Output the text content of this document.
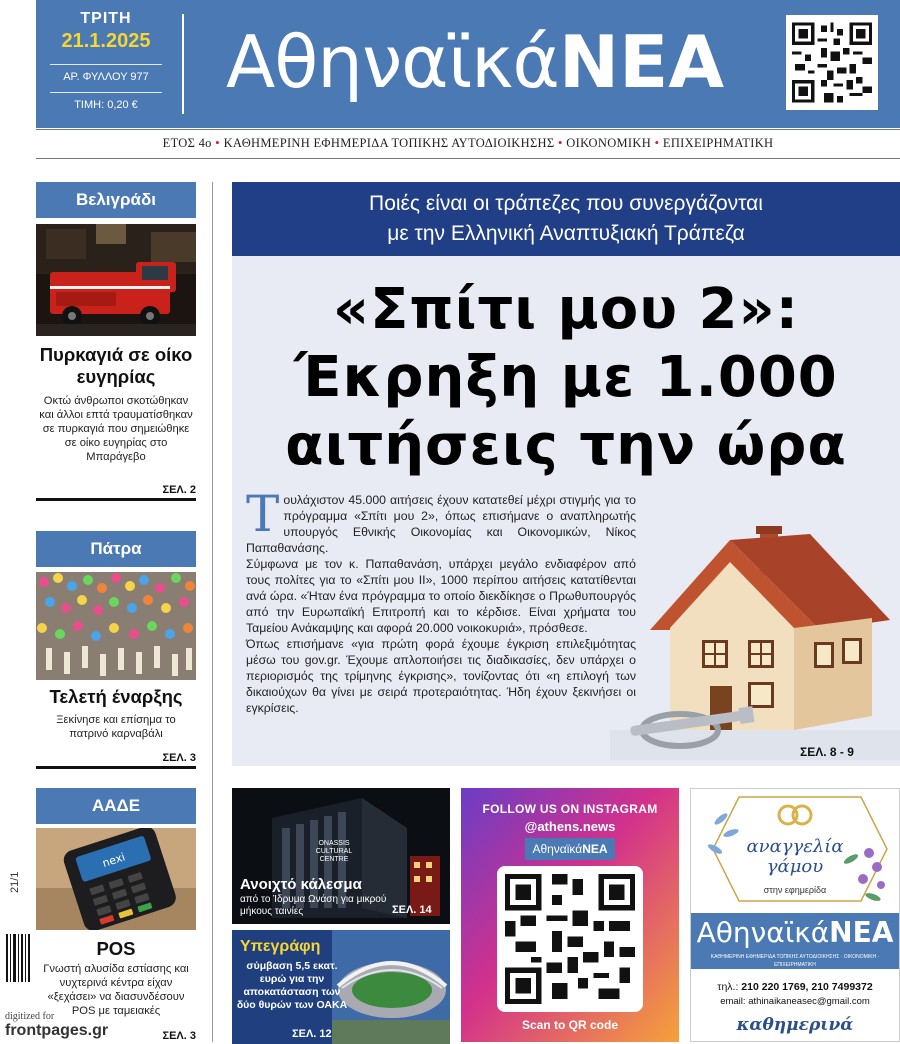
ΤΡΙΤΗ
21.1.2025
ΑΡ. ΦΥΛΛΟΥ 977
ΤΙΜΗ: 0,20 €
ΑθηναϊκάΝΕΑ
ΕΤΟΣ 4ο • ΚΑΘΗΜΕΡΙΝΗ ΕΦΗΜΕΡΙΔΑ ΤΟΠΙΚΗΣ ΑΥΤΟΔΙΟΙΚΗΣΗΣ • ΟΙΚΟΝΟΜΙΚΗ • ΕΠΙΧΕΙΡΗΜΑΤΙΚΗ
Βελιγράδι
Πυρκαγιά σε οίκο ευγηρίας
Οκτώ άνθρωποι σκοτώθηκαν και άλλοι επτά τραυματίσθηκαν σε πυρκαγιά που σημειώθηκε σε οίκο ευγηρίας στο Μπαράγεβο
ΣΕΛ. 2
Πάτρα
Τελετή έναρξης
Ξεκίνησε και επίσημα το πατρινό καρναβάλι
ΣΕΛ. 3
ΑΑΔΕ
nexi
POS
Γνωστή αλυσίδα εστίασης και νυχτερινά κέντρα είχαν «ξεχάσει» να διασυνδέσουν POS με ταμειακές
ΣΕΛ. 3
21/1
digitized for
frontpages.gr
Ποιές είναι οι τράπεζες που συνεργάζονται
με την Ελληνική Αναπτυξιακή Τράπεζα
«Σπίτι μου 2»:
Έκρηξη με 1.000
αιτήσεις την ώρα
Τ ουλάχιστον 45.000 αιτήσεις έχουν κατατεθεί μέχρι στιγμής για το πρόγραμμα «Σπίτι μου 2», όπως επισήμανε ο αναπληρωτής υπουργός Εθνικής Οικονομίας και Οικονομικών, Νίκος Παπαθανάσης.

Σύμφωνα με τον κ. Παπαθανάση, υπάρχει μεγάλο ενδιαφέρον από τους πολίτες για το «Σπίτι μου ΙΙ», 1000 περίπου αιτήσεις κατατίθενται ανά ώρα. «Ήταν ένα πρόγραμμα το οποίο διεκδίκησε ο Πρωθυπουργός από την Ευρωπαϊκή Επιτροπή και το κέρδισε. Είναι χρήματα του Ταμείου Ανάκαμψης και αφορά 20.000 νοικοκυριά», πρόσθεσε.

Όπως επισήμανε «για πρώτη φορά έχουμε έγκριση επιλεξιμότητας μέσω του gov.gr. Έχουμε απλοποιήσει τις διαδικασίες, δεν υπάρχει ο περιορισμός της τρίμηνης έγκρισης», τονίζοντας ότι «η επιλογή των δικαιούχων θα γίνει με σειρά προτεραιότητας. Ήδη έχουν ξεκινήσει οι εγκρίσεις.

ΣΕΛ. 8 - 9
ONASSIS CULTURAL CENTRE
Ανοιχτό κάλεσμα
από το Ίδρυμα Ωνάση για μικρού μήκους ταινίες	ΣΕΛ. 14
Υπεγράφη
σύμβαση 5,5 εκατ. ευρώ για την αποκατάσταση των δύο θυρών των ΟΑΚΑ
ΣΕΛ. 12
FOLLOW US ON INSTAGRAM
@athens.news
ΑθηναϊκάΝΕΑ
Scan to QR code
αναγγελία
γάμου
στην εφημερίδα
ΑθηναϊκάΝΕΑ
ΚΑΘΗΜΕΡΙΝΗ ΕΦΗΜΕΡΙΔΑ ΤΟΠΙΚΗΣ ΑΥΤΟΔΙΟΙΚΗΣΗΣ · ΟΙΚΟΝΟΜΙΚΗ · ΕΠΙΧΕΙΡΗΜΑΤΙΚΗ
τηλ.: 210 220 1769, 210 7499372
email: athinaikaneasec@gmail.com
καθημερινά
